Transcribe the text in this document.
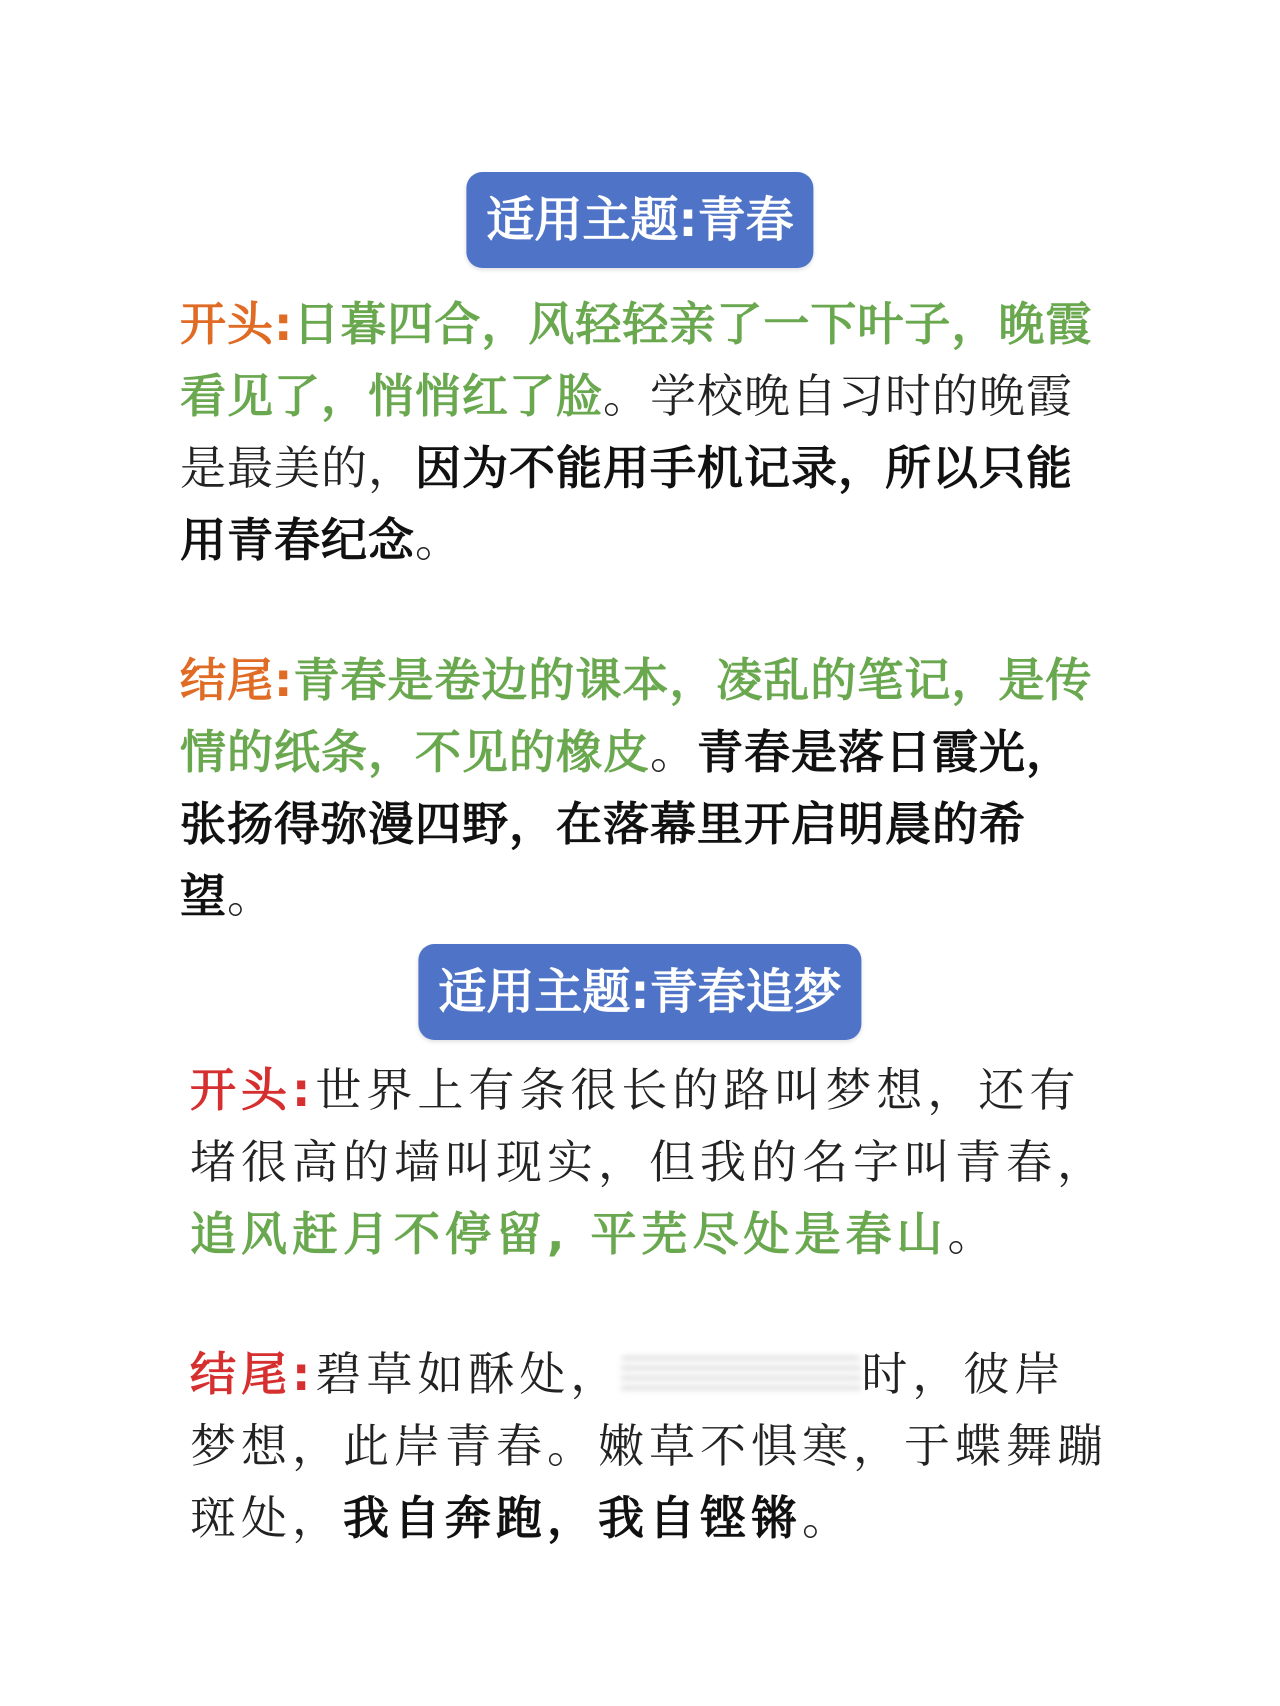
适用主题:青春
开头:日暮四合，风轻轻亲了一下叶子，晚霞看见了，悄悄红了脸。学校晚自习时的晚霞是最美的，因为不能用手机记录，所以只能用青春纪念。
结尾:青春是卷边的课本，凌乱的笔记，是传情的纸条，不见的橡皮。青春是落日霞光，张扬得弥漫四野，在落幕里开启明晨的希望。
适用主题:青春追梦
开头:世界上有条很长的路叫梦想，还有堵很高的墙叫现实，但我的名字叫青春，追风赶月不停留, 平芜尽处是春山。
结尾:碧草如酥处，	时，彼岸梦想，此岸青春。嫩草不惧寒，于蝶舞蹦斑处，我自奔跑，我自铿锵。
